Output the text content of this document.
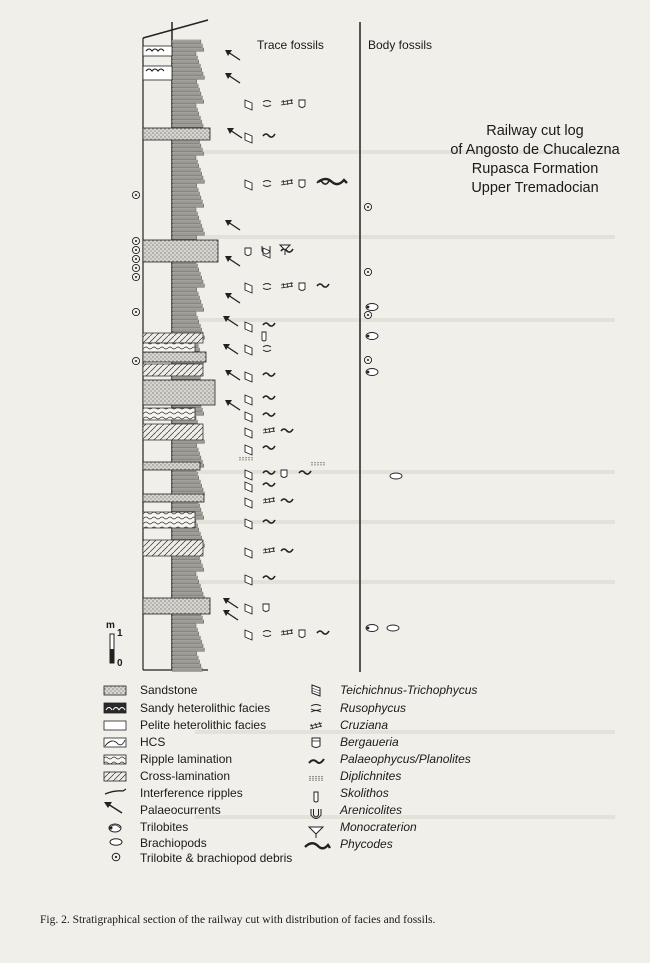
Trace fossils	Body fossils
Railway cut log
of Angosto de Chucalezna
Rupasca Formation
Upper Tremadocian
m
1
0
Sandstone
Sandy heterolithic facies
Pelite heterolithic facies
HCS
Ripple lamination
Cross-lamination
Interference ripples
Palaeocurrents
Trilobites
Brachiopods
Trilobite & brachiopod debris
Teichichnus-Trichophycus
Rusophycus
Cruziana
Bergaueria
Palaeophycus/Planolites
Diplichnites
Skolithos
Arenicolites
Monocraterion
Phycodes
Fig. 2. Stratigraphical section of the railway cut with distribution of facies and fossils.
